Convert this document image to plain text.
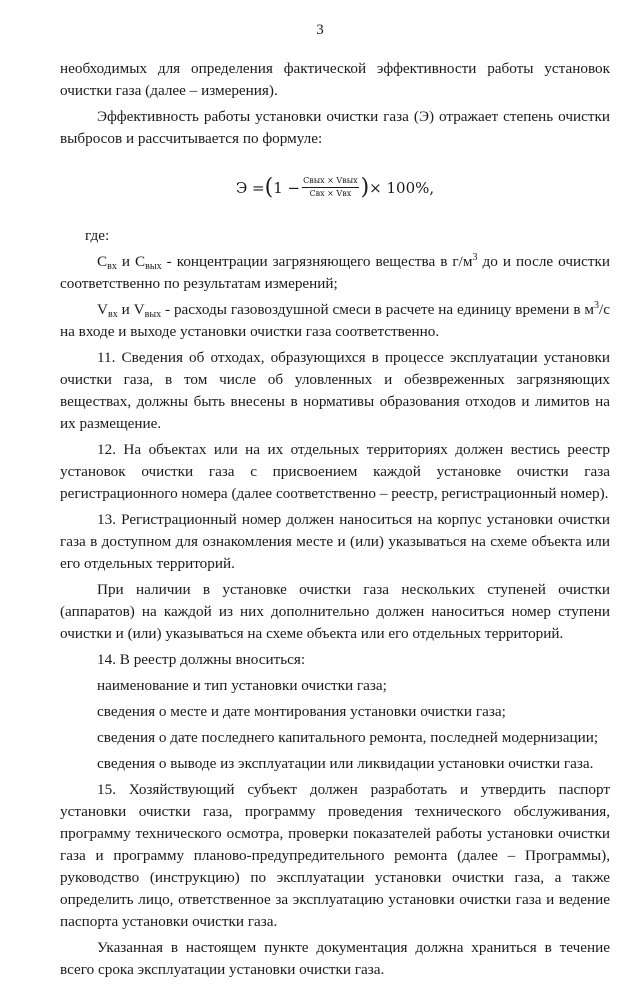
3

необходимых для определения фактической эффективности работы установок очистки газа (далее – измерения).

Эффективность работы установки очистки газа (Э) отражает степень очистки выбросов и рассчитывается по формуле:

Э = ( $1 - \frac{\text{Cвых × Vвых}}{\text{Cвх × Vвх}}$ ) × 100%,

где:

$C_{вх}$ и $C_{вых}$ - концентрации загрязняющего вещества в $г/м^3$ до и после очистки соответственно по результатам измерений;

$V_{вх}$ и $V_{вых}$ - расходы газовоздушной смеси в расчете на единицу времени в $м^3/с$ на входе и выходе установки очистки газа соответственно.

11. Сведения об отходах, образующихся в процессе эксплуатации установки очистки газа, в том числе об уловленных и обезвреженных загрязняющих веществах, должны быть внесены в нормативы образования отходов и лимитов на их размещение.

12. На объектах или на их отдельных территориях должен вестись реестр установок очистки газа с присвоением каждой установке очистки газа регистрационного номера (далее соответственно – реестр, регистрационный номер).

13. Регистрационный номер должен наноситься на корпус установки очистки газа в доступном для ознакомления месте и (или) указываться на схеме объекта или его отдельных территорий.

При наличии в установке очистки газа нескольких ступеней очистки (аппаратов) на каждой из них дополнительно должен наноситься номер ступени очистки и (или) указываться на схеме объекта или его отдельных территорий.

14. В реестр должны вноситься:

наименование и тип установки очистки газа;

сведения о месте и дате монтирования установки очистки газа;

сведения о дате последнего капитального ремонта, последней модернизации;

сведения о выводе из эксплуатации или ликвидации установки очистки газа.

15. Хозяйствующий субъект должен разработать и утвердить паспорт установки очистки газа, программу проведения технического обслуживания, программу технического осмотра, проверки показателей работы установки очистки газа и программу планово-предупредительного ремонта (далее – Программы), руководство (инструкцию) по эксплуатации установки очистки газа, а также определить лицо, ответственное за эксплуатацию установки очистки газа и ведение паспорта установки очистки газа.

Указанная в настоящем пункте документация должна храниться в течение всего срока эксплуатации установки очистки газа.
